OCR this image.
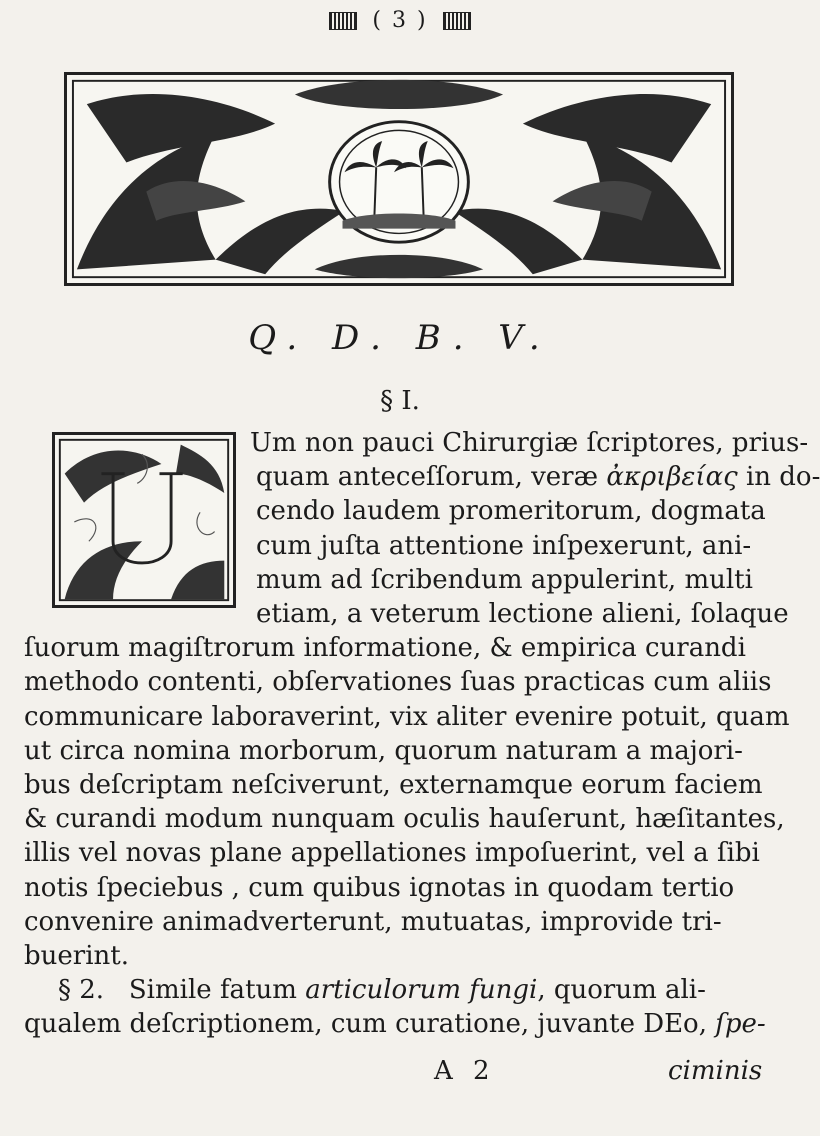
( 3 )
Q. D. B. V.
§ I.
Um non pauci Chirurgiæ ſcriptores, prius-
quam anteceſſorum, veræ ἀκριβείας in do-
cendo laudem promeritorum, dogmata
cum juſta attentione inſpexerunt, ani-
mum ad ſcribendum appulerint, multi
etiam, a veterum lectione alieni, ſolaque
ſuorum magiſtrorum informatione, & empirica curandi
methodo contenti, obſervationes ſuas practicas cum aliis
communicare laboraverint, vix aliter evenire potuit, quam
ut circa nomina morborum, quorum naturam a majori-
bus deſcriptam neſciverunt, externamque eorum faciem
& curandi modum nunquam oculis hauſerunt, hæſitantes,
illis vel novas plane appellationes impoſuerint, vel a ſibi
notis ſpeciebus , cum quibus ignotas in quodam tertio
convenire animadverterunt, mutuatas, improvide tri-
buerint.
§ 2. Simile fatum articulorum fungi, quorum ali-
qualem deſcriptionem, cum curatione, juvante DEo, ſpe-
A 2	ciminis
